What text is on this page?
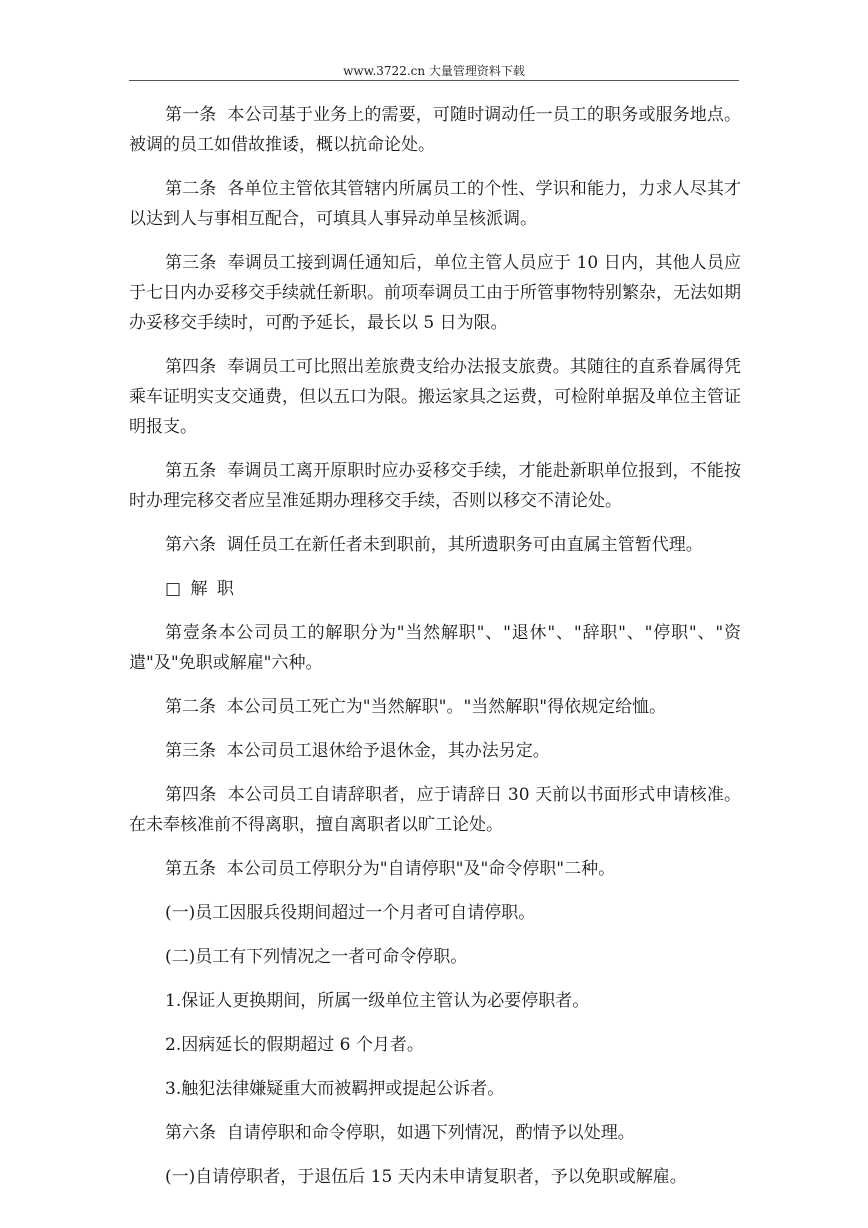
www.3722.cn 大量管理资料下载

第一条  本公司基于业务上的需要，可随时调动任一员工的职务或服务地点。被调的员工如借故推诿，概以抗命论处。

第二条  各单位主管依其管辖内所属员工的个性、学识和能力，力求人尽其才以达到人与事相互配合，可填具人事异动单呈核派调。

第三条  奉调员工接到调任通知后，单位主管人员应于 10 日内，其他人员应于七日内办妥移交手续就任新职。前项奉调员工由于所管事物特别繁杂，无法如期办妥移交手续时，可酌予延长，最长以 5 日为限。

第四条  奉调员工可比照出差旅费支给办法报支旅费。其随往的直系眷属得凭乘车证明实支交通费，但以五口为限。搬运家具之运费，可检附单据及单位主管证明报支。

第五条  奉调员工离开原职时应办妥移交手续，才能赴新职单位报到，不能按时办理完移交者应呈准延期办理移交手续，否则以移交不清论处。

第六条  调任员工在新任者未到职前，其所遗职务可由直属主管暂代理。

□ 解 职

第壹条本公司员工的解职分为"当然解职"、"退休"、"辞职"、"停职"、"资遣"及"免职或解雇"六种。

第二条  本公司员工死亡为"当然解职"。"当然解职"得依规定给恤。

第三条  本公司员工退休给予退休金，其办法另定。

第四条  本公司员工自请辞职者，应于请辞日 30 天前以书面形式申请核准。在未奉核准前不得离职，擅自离职者以旷工论处。

第五条  本公司员工停职分为"自请停职"及"命令停职"二种。

(一)员工因服兵役期间超过一个月者可自请停职。

(二)员工有下列情况之一者可命令停职。

1.保证人更换期间，所属一级单位主管认为必要停职者。

2.因病延长的假期超过 6 个月者。

3.触犯法律嫌疑重大而被羁押或提起公诉者。

第六条  自请停职和命令停职，如遇下列情况，酌情予以处理。

(一)自请停职者，于退伍后 15 天内未申请复职者，予以免职或解雇。
